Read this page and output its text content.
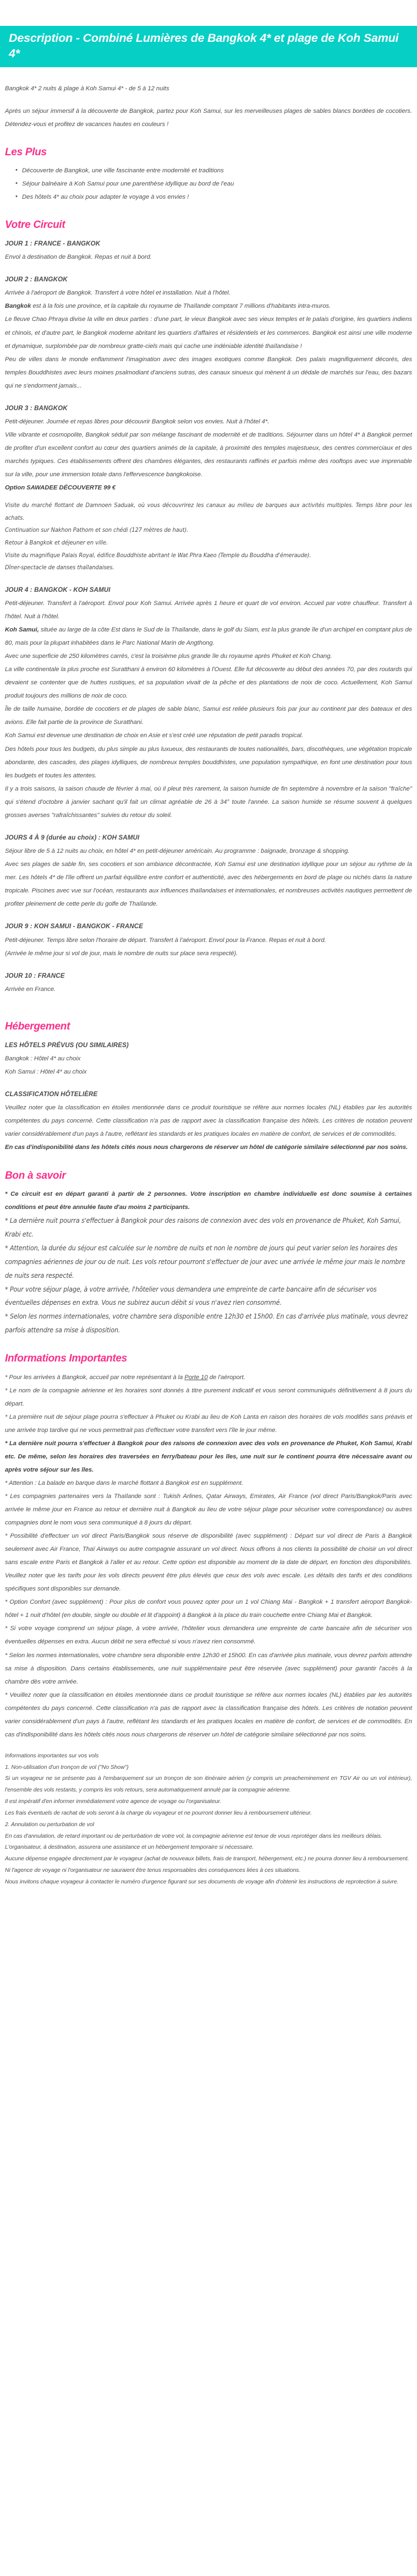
Description - Combiné Lumières de Bangkok 4* et plage de Koh Samui 4*

Bangkok 4* 2 nuits & plage à Koh Samui 4* - de 5 à 12 nuits

Après un séjour immersif à la découverte de Bangkok, partez pour Koh Samui, sur les merveilleuses plages de sables blancs bordées de cocotiers. Détendez-vous et profitez de vacances hautes en couleurs !

Les Plus
• Découverte de Bangkok, une ville fascinante entre modernité et traditions
• Séjour balnéaire à Koh Samui pour une parenthèse idyllique au bord de l'eau
• Des hôtels 4* au choix pour adapter le voyage à vos envies !
Votre Circuit
JOUR 1 : FRANCE - BANGKOK

Envol à destination de Bangkok. Repas et nuit à bord.

JOUR 2 : BANGKOK

Arrivée à l'aéroport de Bangkok. Transfert à votre hôtel et installation. Nuit à l'hôtel.

Bangkok est à la fois une province, et la capitale du royaume de Thaïlande comptant 7 millions d'habitants intra-muros.

Le fleuve Chao Phraya divise la ville en deux parties : d'une part, le vieux Bangkok avec ses vieux temples et le palais d'origine, les quartiers indiens et chinois, et d'autre part, le Bangkok moderne abritant les quartiers d'affaires et résidentiels et les commerces. Bangkok est ainsi une ville moderne et dynamique, surplombée par de nombreux gratte-ciels mais qui cache une indéniable identité thaïlandaise !

Peu de villes dans le monde enflamment l'imagination avec des images exotiques comme Bangkok. Des palais magnifiquement décorés, des temples Bouddhistes avec leurs moines psalmodiant d'anciens sutras, des canaux sinueux qui mènent à un dédale de marchés sur l'eau, des bazars qui ne s'endorment jamais...

JOUR 3 : BANGKOK

Petit-déjeuner. Journée et repas libres pour découvrir Bangkok selon vos envies. Nuit à l'hôtel 4*.

Ville vibrante et cosmopolite, Bangkok séduit par son mélange fascinant de modernité et de traditions. Séjourner dans un hôtel 4* à Bangkok permet de profiter d'un excellent confort au cœur des quartiers animés de la capitale, à proximité des temples majestueux, des centres commerciaux et des marchés typiques. Ces établissements offrent des chambres élégantes, des restaurants raffinés et parfois même des rooftops avec vue imprenable sur la ville, pour une immersion totale dans l'effervescence bangkokoise.

Option SAWADEE DÉCOUVERTE 99 €

Visite du marché flottant de Damnoen Saduak, où vous découvrirez les canaux au milieu de barques aux activités multiples. Temps libre pour les achats.

Continuation sur Nakhon Pathom et son chédi (127 mètres de haut).

Retour à Bangkok et déjeuner en ville.

Visite du magnifique Palais Royal, édifice Bouddhiste abritant le Wat Phra Kaeo (Temple du Bouddha d'émeraude).

Dîner-spectacle de danses thaïlandaises.

JOUR 4 : BANGKOK - KOH SAMUI

Petit-déjeuner. Transfert à l'aéroport. Envol pour Koh Samui. Arrivée après 1 heure et quart de vol environ. Accueil par votre chauffeur. Transfert à l'hôtel. Nuit à l'hôtel.

Koh Samui, située au large de la côte Est dans le Sud de la Thaïlande, dans le golf du Siam, est la plus grande île d'un archipel en comptant plus de 80, mais pour la plupart inhabitées dans le Parc National Marin de Angthong.

Avec une superficie de 250 kilomètres carrés, c'est la troisième plus grande île du royaume après Phuket et Koh Chang.

La ville continentale la plus proche est Suratthani à environ 60 kilomètres à l'Ouest. Elle fut découverte au début des années 70, par des routards qui devaient se contenter que de huttes rustiques, et sa population vivait de la pêche et des plantations de noix de coco. Actuellement, Koh Samui produit toujours des millions de noix de coco.

Île de taille humaine, bordée de cocotiers et de plages de sable blanc, Samui est reliée plusieurs fois par jour au continent par des bateaux et des avions. Elle fait partie de la province de Suratthani.

Koh Samui est devenue une destination de choix en Asie et s'est créé une réputation de petit paradis tropical.

Des hôtels pour tous les budgets, du plus simple au plus luxueux, des restaurants de toutes nationalités, bars, discothèques, une végétation tropicale abondante, des cascades, des plages idylliques, de nombreux temples bouddhistes, une population sympathique, en font une destination pour tous les budgets et toutes les attentes.

Il y a trois saisons, la saison chaude de février à mai, où il pleut très rarement, la saison humide de fin septembre à novembre et la saison "fraîche" qui s'étend d'octobre à janvier sachant qu'il fait un climat agréable de 26 à 34° toute l'année. La saison humide se résume souvent à quelques grosses averses "rafraîchissantes" suivies du retour du soleil.

JOURS 4 À 9 (durée au choix) : KOH SAMUI

Séjour libre de 5 à 12 nuits au choix, en hôtel 4* en petit-déjeuner américain. Au programme : baignade, bronzage & shopping.

Avec ses plages de sable fin, ses cocotiers et son ambiance décontractée, Koh Samui est une destination idyllique pour un séjour au rythme de la mer. Les hôtels 4* de l'île offrent un parfait équilibre entre confort et authenticité, avec des hébergements en bord de plage ou nichés dans la nature tropicale. Piscines avec vue sur l'océan, restaurants aux influences thaïlandaises et internationales, et nombreuses activités nautiques permettent de profiter pleinement de cette perle du golfe de Thaïlande.

JOUR 9 : KOH SAMUI - BANGKOK - FRANCE

Petit-déjeuner. Temps libre selon l'horaire de départ. Transfert à l'aéroport. Envol pour la France. Repas et nuit à bord.

(Arrivée le même jour si vol de jour, mais le nombre de nuits sur place sera respecté).

JOUR 10 : FRANCE

Arrivée en France.

Hébergement
LES HÔTELS PRÉVUS (OU SIMILAIRES)

Bangkok : Hôtel 4* au choix

Koh Samui : Hôtel 4* au choix

CLASSIFICATION HÔTELIÈRE

Veuillez noter que la classification en étoiles mentionnée dans ce produit touristique se réfère aux normes locales (NL) établies par les autorités compétentes du pays concerné. Cette classification n'a pas de rapport avec la classification française des hôtels. Les critères de notation peuvent varier considérablement d'un pays à l'autre, reflétant les standards et les pratiques locales en matière de confort, de services et de commodités.

En cas d'indisponibilité dans les hôtels cités nous nous chargerons de réserver un hôtel de catégorie similaire sélectionné par nos soins.

Bon à savoir

* Ce circuit est en départ garanti à partir de 2 personnes. Votre inscription en chambre individuelle est donc soumise à certaines conditions et peut être annulée faute d'au moins 2 participants.

* La dernière nuit pourra s'effectuer à Bangkok pour des raisons de connexion avec des vols en provenance de Phuket, Koh Samui, Krabi etc.

* Attention, la durée du séjour est calculée sur le nombre de nuits et non le nombre de jours qui peut varier selon les horaires des compagnies aériennes de jour ou de nuit. Les vols retour pourront s'effectuer de jour avec une arrivée le même jour mais le nombre de nuits sera respecté.

* Pour votre séjour plage, à votre arrivée, l'hôtelier vous demandera une empreinte de carte bancaire afin de sécuriser vos éventuelles dépenses en extra. Vous ne subirez aucun débit si vous n'avez rien consommé.

* Selon les normes internationales, votre chambre sera disponible entre 12h30 et 15h00. En cas d'arrivée plus matinale, vous devrez parfois attendre sa mise à disposition.

Informations Importantes

* Pour les arrivées à Bangkok, accueil par notre représentant à la Porte 10 de l'aéroport.

* Le nom de la compagnie aérienne et les horaires sont donnés à titre purement indicatif et vous seront communiqués définitivement à 8 jours du départ.

* La première nuit de séjour plage pourra s'effectuer à Phuket ou Krabi au lieu de Koh Lanta en raison des horaires de vols modifiés sans préavis et une arrivée trop tardive qui ne vous permettrait pas d'effectuer votre transfert vers l'île le jour même.

* La dernière nuit pourra s'effectuer à Bangkok pour des raisons de connexion avec des vols en provenance de Phuket, Koh Samui, Krabi etc. De même, selon les horaires des traversées en ferry/bateau pour les îles, une nuit sur le continent pourra être nécessaire avant ou après votre séjour sur les îles.

* Attention : La balade en barque dans le marché flottant à Bangkok est en supplément.

* Les compagnies partenaires vers la Thaïlande sont : Tukish Arlines, Qatar Airways, Emirates, Air France (vol direct Paris/Bangkok/Paris avec arrivée le même jour en France au retour et dernière nuit à Bangkok au lieu de votre séjour plage pour sécuriser votre correspondance) ou autres compagnies dont le nom vous sera communiqué à 8 jours du départ.

* Possibilité d'effectuer un vol direct Paris/Bangkok sous réserve de disponibilité (avec supplément) : Départ sur vol direct de Paris à Bangkok seulement avec Air France, Thaï Airways ou autre compagnie assurant un vol direct. Nous offrons à nos clients la possibilité de choisir un vol direct sans escale entre Paris et Bangkok à l'aller et au retour. Cette option est disponible au moment de la date de départ, en fonction des disponibilités. Veuillez noter que les tarifs pour les vols directs peuvent être plus élevés que ceux des vols avec escale. Les détails des tarifs et des conditions spécifiques sont disponibles sur demande.

* Option Confort (avec supplément) : Pour plus de confort vous pouvez opter pour un 1 vol Chiang Mai - Bangkok + 1 transfert aéroport Bangkok- hôtel + 1 nuit d'hôtel (en double, single ou double et lit d'appoint) à Bangkok à la place du train couchette entre Chiang Mai et Bangkok.

* Si votre voyage comprend un séjour plage, à votre arrivée, l'hôtelier vous demandera une empreinte de carte bancaire afin de sécuriser vos éventuelles dépenses en extra. Aucun débit ne sera effectué si vous n'avez rien consommé.

* Selon les normes internationales, votre chambre sera disponible entre 12h30 et 15h00. En cas d'arrivée plus matinale, vous devrez parfois attendre sa mise à disposition. Dans certains établissements, une nuit supplémentaire peut être réservée (avec supplément) pour garantir l'accès à la chambre dès votre arrivée.

* Veuillez noter que la classification en étoiles mentionnée dans ce produit touristique se réfère aux normes locales (NL) établies par les autorités compétentes du pays concerné. Cette classification n'a pas de rapport avec la classification française des hôtels. Les critères de notation peuvent varier considérablement d'un pays à l'autre, reflétant les standards et les pratiques locales en matière de confort, de services et de commodités. En cas d'indisponibilité dans les hôtels cités nous nous chargerons de réserver un hôtel de catégorie similaire sélectionné par nos soins.

Informations importantes sur vos vols

1. Non-utilisation d'un tronçon de vol ("No Show")

Si un voyageur ne se présente pas à l'embarquement sur un tronçon de son itinéraire aérien (y compris un preacheminement en TGV Air ou un vol intérieur), l'ensemble des vols restants, y compris les vols retours, sera automatiquement annulé par la compagnie aérienne.

Il est impératif d'en informer immédiatement votre agence de voyage ou l'organisateur.

Les frais éventuels de rachat de vols seront à la charge du voyageur et ne pourront donner lieu à remboursement ultérieur.

2. Annulation ou perturbation de vol

En cas d'annulation, de retard important ou de perturbation de votre vol, la compagnie aérienne est tenue de vous reprotéger dans les meilleurs délais.

L'organisateur, à destination, assurera une assistance et un hébergement temporaire si nécessaire.

Aucune dépense engagée directement par le voyageur (achat de nouveaux billets, frais de transport, hébergement, etc.) ne pourra donner lieu à remboursement.

Ni l'agence de voyage ni l'organisateur ne sauraient être tenus responsables des conséquences liées à ces situations.

Nous invitons chaque voyageur à contacter le numéro d'urgence figurant sur ses documents de voyage afin d'obtenir les instructions de reprotection à suivre.
